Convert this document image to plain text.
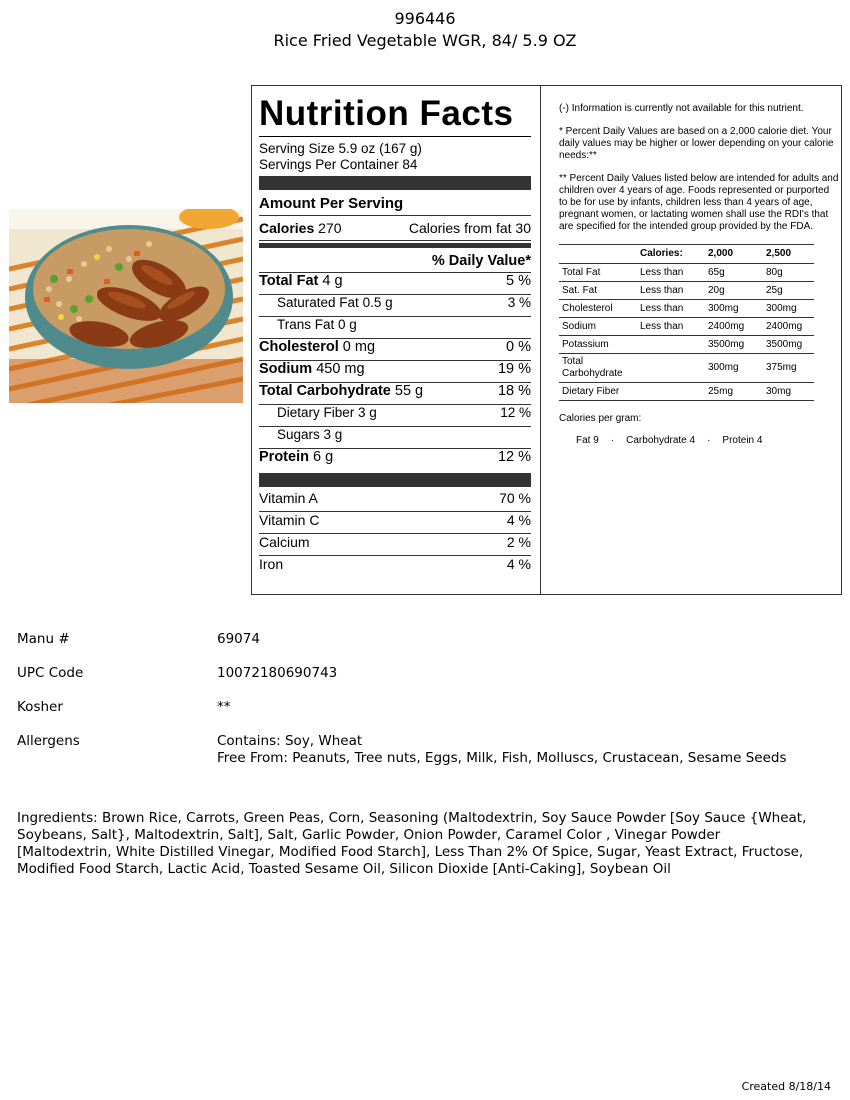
996446
Rice Fried Vegetable WGR, 84/ 5.9 OZ
Nutrition Facts
Serving Size 5.9 oz (167 g)
Servings Per Container 84
Amount Per Serving
Calories 270	Calories from fat 30
% Daily Value*
Total Fat 4 g	5 %
Saturated Fat 0.5 g	3 %
Trans Fat 0 g
Cholesterol 0 mg	0 %
Sodium 450 mg	19 %
Total Carbohydrate 55 g	18 %
Dietary Fiber 3 g	12 %
Sugars 3 g
Protein 6 g	12 %
Vitamin A	70 %
Vitamin C	4 %
Calcium	2 %
Iron	4 %

(-) Information is currently not available for this nutrient.

* Percent Daily Values are based on a 2,000 calorie diet. Your daily values may be higher or lower depending on your calorie needs:**

** Percent Daily Values listed below are intended for adults and children over 4 years of age. Foods represented or purported to be for use by infants, children less than 4 years of age, pregnant women, or lactating women shall use the RDI's that are specified for the intended group provided by the FDA.

	Calories:	2,000	2,500
Total Fat	Less than	65g	80g
Sat. Fat	Less than	20g	25g
Cholesterol	Less than	300mg	300mg
Sodium	Less than	2400mg	2400mg
Potassium		3500mg	3500mg
Total Carbohydrate		300mg	375mg
Dietary Fiber		25mg	30mg
Calories per gram:
Fat 9 · Carbohydrate 4 · Protein 4
Manu #	69074
UPC Code	10072180690743
Kosher	**
Allergens	Contains: Soy, Wheat
Free From: Peanuts, Tree nuts, Eggs, Milk, Fish, Molluscs, Crustacean, Sesame Seeds
Ingredients: Brown Rice, Carrots, Green Peas, Corn, Seasoning (Maltodextrin, Soy Sauce Powder [Soy Sauce {Wheat, Soybeans, Salt}, Maltodextrin, Salt], Salt, Garlic Powder, Onion Powder, Caramel Color , Vinegar Powder [Maltodextrin, White Distilled Vinegar, Modified Food Starch], Less Than 2% Of Spice, Sugar, Yeast Extract, Fructose, Modified Food Starch, Lactic Acid, Toasted Sesame Oil, Silicon Dioxide [Anti-Caking], Soybean Oil
Created 8/18/14
